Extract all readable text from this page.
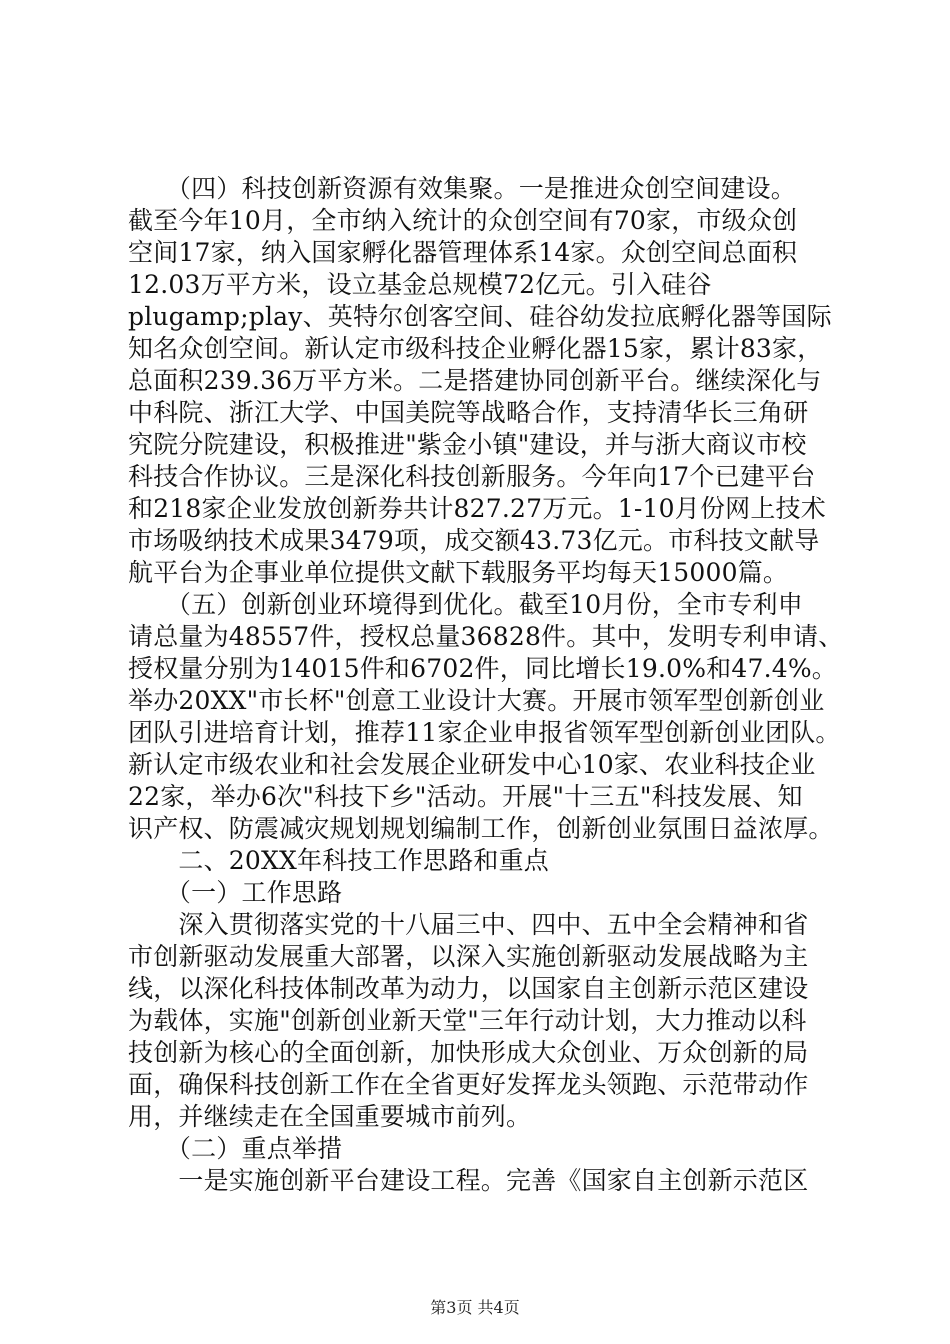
　　（四）科技创新资源有效集聚。一是推进众创空间建设。
截至今年10月，全市纳入统计的众创空间有70家，市级众创
空间17家，纳入国家孵化器管理体系14家。众创空间总面积
12.03万平方米，设立基金总规模72亿元。引入硅谷
plugamp;play、英特尔创客空间、硅谷幼发拉底孵化器等国际
知名众创空间。新认定市级科技企业孵化器15家，累计83家，
总面积239.36万平方米。二是搭建协同创新平台。继续深化与
中科院、浙江大学、中国美院等战略合作，支持清华长三角研
究院分院建设，积极推进"紫金小镇"建设，并与浙大商议市校
科技合作协议。三是深化科技创新服务。今年向17个已建平台
和218家企业发放创新券共计827.27万元。1-10月份网上技术
市场吸纳技术成果3479项，成交额43.73亿元。市科技文献导
航平台为企事业单位提供文献下载服务平均每天15000篇。
　　（五）创新创业环境得到优化。截至10月份，全市专利申
请总量为48557件，授权总量36828件。其中，发明专利申请、
授权量分别为14015件和6702件，同比增长19.0%和47.4%。
举办20XX"市长杯"创意工业设计大赛。开展市领军型创新创业
团队引进培育计划，推荐11家企业申报省领军型创新创业团队。
新认定市级农业和社会发展企业研发中心10家、农业科技企业
22家，举办6次"科技下乡"活动。开展"十三五"科技发展、知
识产权、防震减灾规划规划编制工作，创新创业氛围日益浓厚。
　　二、20XX年科技工作思路和重点
　　（一）工作思路
　　深入贯彻落实党的十八届三中、四中、五中全会精神和省
市创新驱动发展重大部署，以深入实施创新驱动发展战略为主
线，以深化科技体制改革为动力，以国家自主创新示范区建设
为载体，实施"创新创业新天堂"三年行动计划，大力推动以科
技创新为核心的全面创新，加快形成大众创业、万众创新的局
面，确保科技创新工作在全省更好发挥龙头领跑、示范带动作
用，并继续走在全国重要城市前列。
　　（二）重点举措
　　一是实施创新平台建设工程。完善《国家自主创新示范区
第3页 共4页
